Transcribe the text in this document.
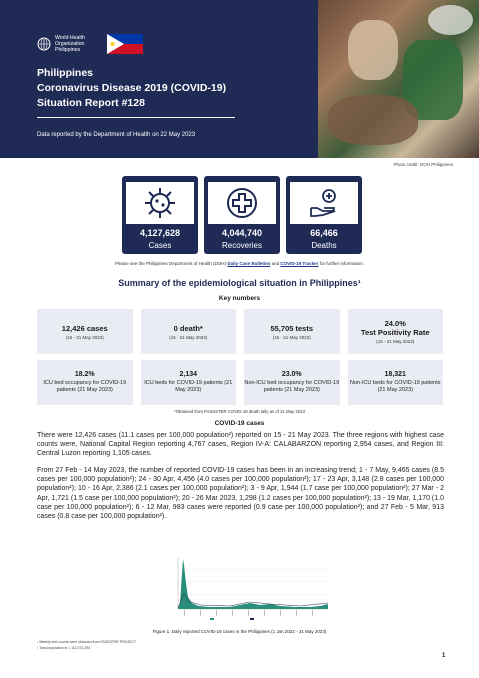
World Health Organization Philippines
Philippines
Coronavirus Disease 2019 (COVID-19)
Situation Report #128
Data reported by the Department of Health on 22 May 2023
Photo credit: DOH Philippines
4,127,628
Cases
4,044,740
Recoveries
66,466
Deaths
Please see the Philippines Department of Health (DOH) Daily Case Bulletins and COVID-19 Tracker for further information.
Summary of the epidemiological situation in Philippines¹
Key numbers
12,426 cases
(15 - 21 May 2023)
0 death*
(15 - 21 May 2023)
55,705 tests
(15 - 21 May 2023)
24.0%
Test Positivity Rate
(15 - 21 May 2023)
18.2%
ICU bed occupancy for COVID-19 patients (21 May 2023)
2,134
ICU beds for COVID-19 patients (21 May 2023)
23.0%
Non-ICU bed occupancy for COVID-19 patients (21 May 2023)
18,321
Non-ICU beds for COVID-19 patients (21 May 2023)
*Obtained from FASSSTER COVID-19 death tally as of 21 May 2023
COVID-19 cases
There were 12,426 cases (11.1 cases per 100,000 population²) reported on 15 - 21 May 2023. The three regions with highest case counts were, National Capital Region reporting 4,767 cases, Region IV-A: CALABARZON reporting 2,954 cases, and Region III: Central Luzon reporting 1,105 cases.
From 27 Feb - 14 May 2023, the number of reported COVID-19 cases has been in an increasing trend; 1 - 7 May, 9,465 cases (8.5 cases per 100,000 population²); 24 - 30 Apr, 4,456 (4.0 cases per 100,000 population²); 17 - 23 Apr, 3,148 (2.8 cases per 100,000 population²); 10 - 16 Apr, 2,386 (2.1 cases per 100,000 population²); 3 - 9 Apr, 1,944 (1.7 case per 100,000 population²); 27 Mar - 2 Apr, 1,721 (1.5 case per 100,000 population²); 20 - 26 Mar 2023, 1,298 (1.2 cases per 100,000 population²); 13 - 19 Mar, 1,170 (1.0 case per 100,000 population²); 6 - 12 Mar, 983 cases were reported (0.9 case per 100,000 population²); and 27 Feb - 5 Mar, 913 cases (0.8 case per 100,000 population²).
Figure 1. Daily reported COVID-19 cases in the Philippines (1 Jan 2022 - 21 May 2023)
¹ Weekly and counts were obtained from FASSSTER PROJECT
² Total population is = 111,572,254
1
